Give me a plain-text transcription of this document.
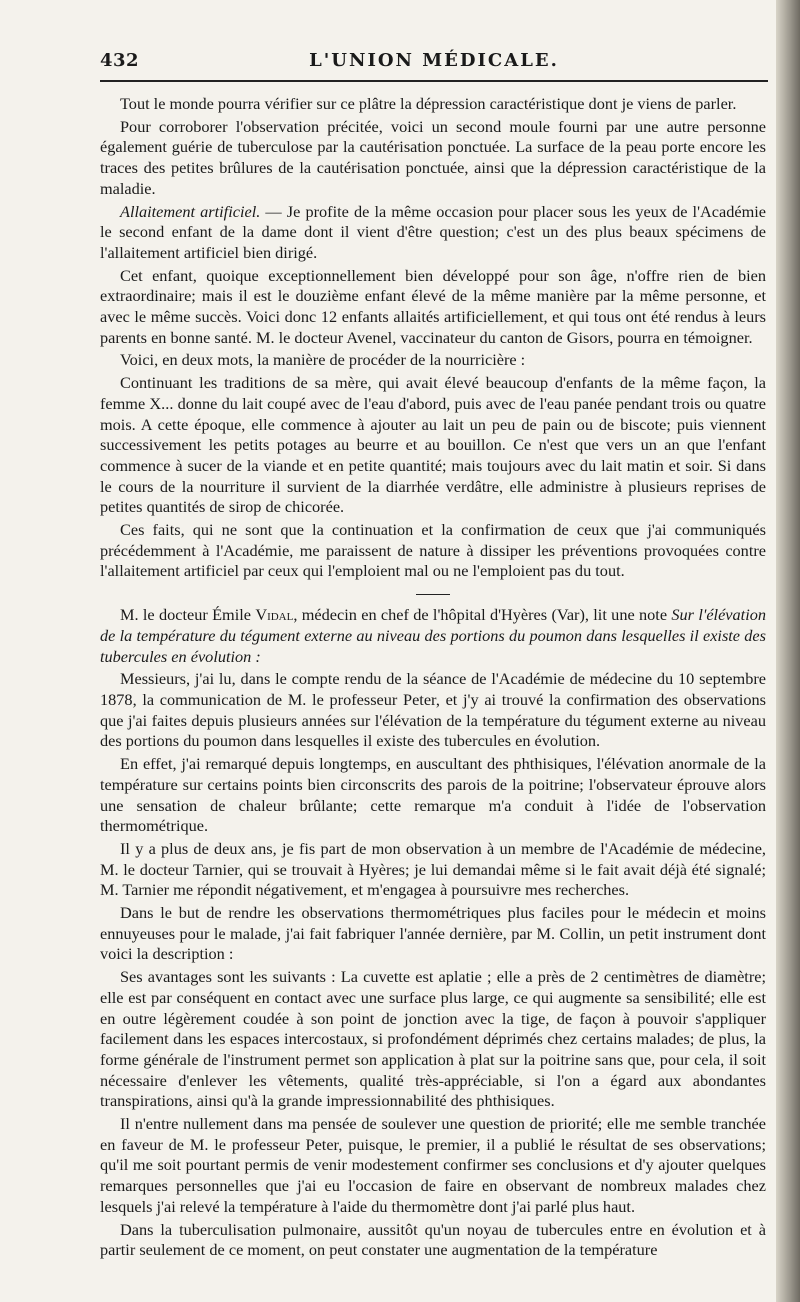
432	L'UNION MÉDICALE.

Tout le monde pourra vérifier sur ce plâtre la dépression caractéristique dont je viens de parler.

Pour corroborer l'observation précitée, voici un second moule fourni par une autre personne également guérie de tuberculose par la cautérisation ponctuée. La surface de la peau porte encore les traces des petites brûlures de la cautérisation ponctuée, ainsi que la dépression caractéristique de la maladie.

Allaitement artificiel. — Je profite de la même occasion pour placer sous les yeux de l'Académie le second enfant de la dame dont il vient d'être question; c'est un des plus beaux spécimens de l'allaitement artificiel bien dirigé.

Cet enfant, quoique exceptionnellement bien développé pour son âge, n'offre rien de bien extraordinaire; mais il est le douzième enfant élevé de la même manière par la même personne, et avec le même succès. Voici donc 12 enfants allaités artificiellement, et qui tous ont été rendus à leurs parents en bonne santé. M. le docteur Avenel, vaccinateur du canton de Gisors, pourra en témoigner.

Voici, en deux mots, la manière de procéder de la nourricière :

Continuant les traditions de sa mère, qui avait élevé beaucoup d'enfants de la même façon, la femme X... donne du lait coupé avec de l'eau d'abord, puis avec de l'eau panée pendant trois ou quatre mois. A cette époque, elle commence à ajouter au lait un peu de pain ou de biscote; puis viennent successivement les petits potages au beurre et au bouillon. Ce n'est que vers un an que l'enfant commence à sucer de la viande et en petite quantité; mais toujours avec du lait matin et soir. Si dans le cours de la nourriture il survient de la diarrhée verdâtre, elle administre à plusieurs reprises de petites quantités de sirop de chicorée.

Ces faits, qui ne sont que la continuation et la confirmation de ceux que j'ai communiqués précédemment à l'Académie, me paraissent de nature à dissiper les préventions provoquées contre l'allaitement artificiel par ceux qui l'emploient mal ou ne l'emploient pas du tout.

M. le docteur Émile Vidal, médecin en chef de l'hôpital d'Hyères (Var), lit une note Sur l'élévation de la température du tégument externe au niveau des portions du poumon dans lesquelles il existe des tubercules en évolution :

Messieurs, j'ai lu, dans le compte rendu de la séance de l'Académie de médecine du 10 septembre 1878, la communication de M. le professeur Peter, et j'y ai trouvé la confirmation des observations que j'ai faites depuis plusieurs années sur l'élévation de la température du tégument externe au niveau des portions du poumon dans lesquelles il existe des tubercules en évolution.

En effet, j'ai remarqué depuis longtemps, en auscultant des phthisiques, l'élévation anormale de la température sur certains points bien circonscrits des parois de la poitrine; l'observateur éprouve alors une sensation de chaleur brûlante; cette remarque m'a conduit à l'idée de l'observation thermométrique.

Il y a plus de deux ans, je fis part de mon observation à un membre de l'Académie de médecine, M. le docteur Tarnier, qui se trouvait à Hyères; je lui demandai même si le fait avait déjà été signalé; M. Tarnier me répondit négativement, et m'engagea à poursuivre mes recherches.

Dans le but de rendre les observations thermométriques plus faciles pour le médecin et moins ennuyeuses pour le malade, j'ai fait fabriquer l'année dernière, par M. Collin, un petit instrument dont voici la description :

Ses avantages sont les suivants : La cuvette est aplatie ; elle a près de 2 centimètres de diamètre; elle est par conséquent en contact avec une surface plus large, ce qui augmente sa sensibilité; elle est en outre légèrement coudée à son point de jonction avec la tige, de façon à pouvoir s'appliquer facilement dans les espaces intercostaux, si profondément déprimés chez certains malades; de plus, la forme générale de l'instrument permet son application à plat sur la poitrine sans que, pour cela, il soit nécessaire d'enlever les vêtements, qualité très-appréciable, si l'on a égard aux abondantes transpirations, ainsi qu'à la grande impressionnabilité des phthisiques.

Il n'entre nullement dans ma pensée de soulever une question de priorité; elle me semble tranchée en faveur de M. le professeur Peter, puisque, le premier, il a publié le résultat de ses observations; qu'il me soit pourtant permis de venir modestement confirmer ses conclusions et d'y ajouter quelques remarques personnelles que j'ai eu l'occasion de faire en observant de nombreux malades chez lesquels j'ai relevé la température à l'aide du thermomètre dont j'ai parlé plus haut.

Dans la tuberculisation pulmonaire, aussitôt qu'un noyau de tubercules entre en évolution et à partir seulement de ce moment, on peut constater une augmentation de la température
